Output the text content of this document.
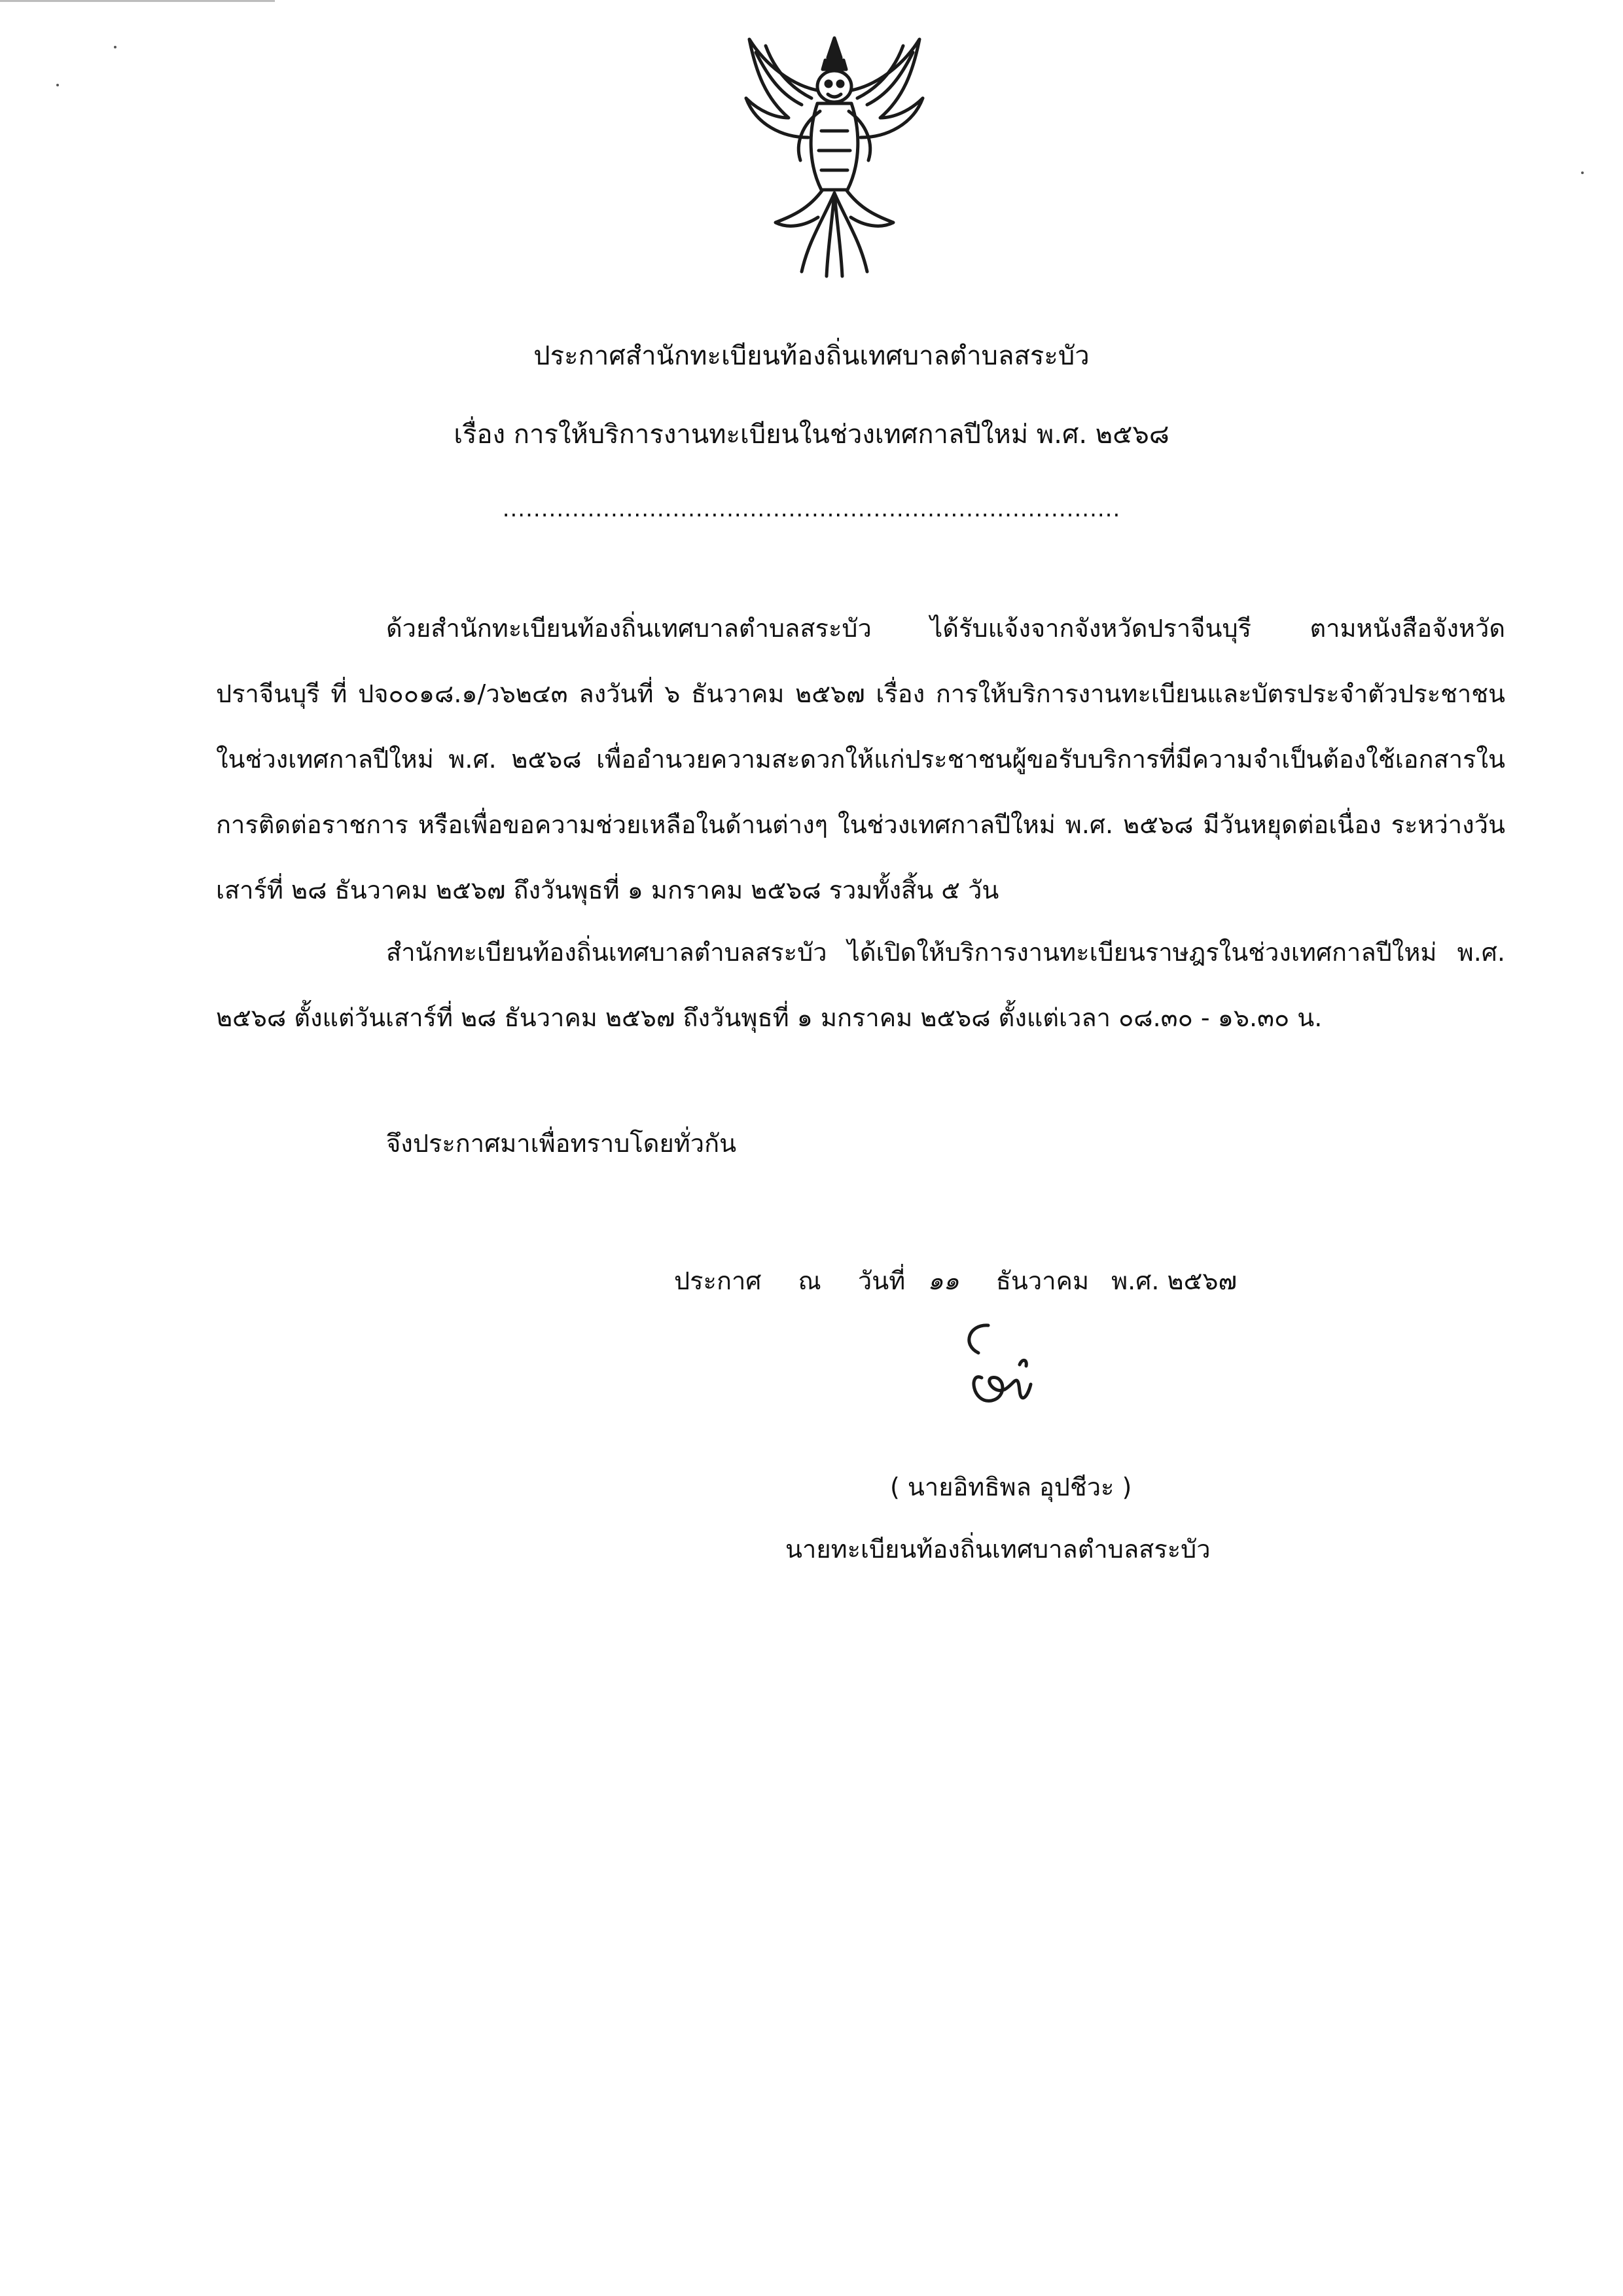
ประกาศสำนักทะเบียนท้องถิ่นเทศบาลตำบลสระบัว
เรื่อง การให้บริการงานทะเบียนในช่วงเทศกาลปีใหม่ พ.ศ. ๒๕๖๘
................................................................................

ด้วยสำนักทะเบียนท้องถิ่นเทศบาลตำบลสระบัว ได้รับแจ้งจากจังหวัดปราจีนบุรี ตามหนังสือจังหวัดปราจีนบุรี ที่ ปจ๐๐๑๘.๑/ว๖๒๔๓ ลงวันที่ ๖ ธันวาคม ๒๕๖๗ เรื่อง การให้บริการงานทะเบียนและบัตรประจำตัวประชาชน ในช่วงเทศกาลปีใหม่ พ.ศ. ๒๕๖๘ เพื่ออำนวยความสะดวกให้แก่ประชาชนผู้ขอรับบริการที่มีความจำเป็นต้องใช้เอกสารในการติดต่อราชการ หรือเพื่อขอความช่วยเหลือในด้านต่างๆ ในช่วงเทศกาลปีใหม่ พ.ศ. ๒๕๖๘ มีวันหยุดต่อเนื่อง ระหว่างวันเสาร์ที่ ๒๘ ธันวาคม ๒๕๖๗ ถึงวันพุธที่ ๑ มกราคม ๒๕๖๘ รวมทั้งสิ้น ๕ วัน

สำนักทะเบียนท้องถิ่นเทศบาลตำบลสระบัว ได้เปิดให้บริการงานทะเบียนราษฎรในช่วงเทศกาลปีใหม่ พ.ศ. ๒๕๖๘ ตั้งแต่วันเสาร์ที่ ๒๘ ธันวาคม ๒๕๖๗ ถึงวันพุธที่ ๑ มกราคม ๒๕๖๘ ตั้งแต่เวลา ๐๘.๓๐ - ๑๖.๓๐ น.

จึงประกาศมาเพื่อทราบโดยทั่วกัน
ประกาศ ณ วันที่ ๑๑ ธันวาคม พ.ศ. ๒๕๖๗
( นายอิทธิพล อุปชีวะ )
นายทะเบียนท้องถิ่นเทศบาลตำบลสระบัว
